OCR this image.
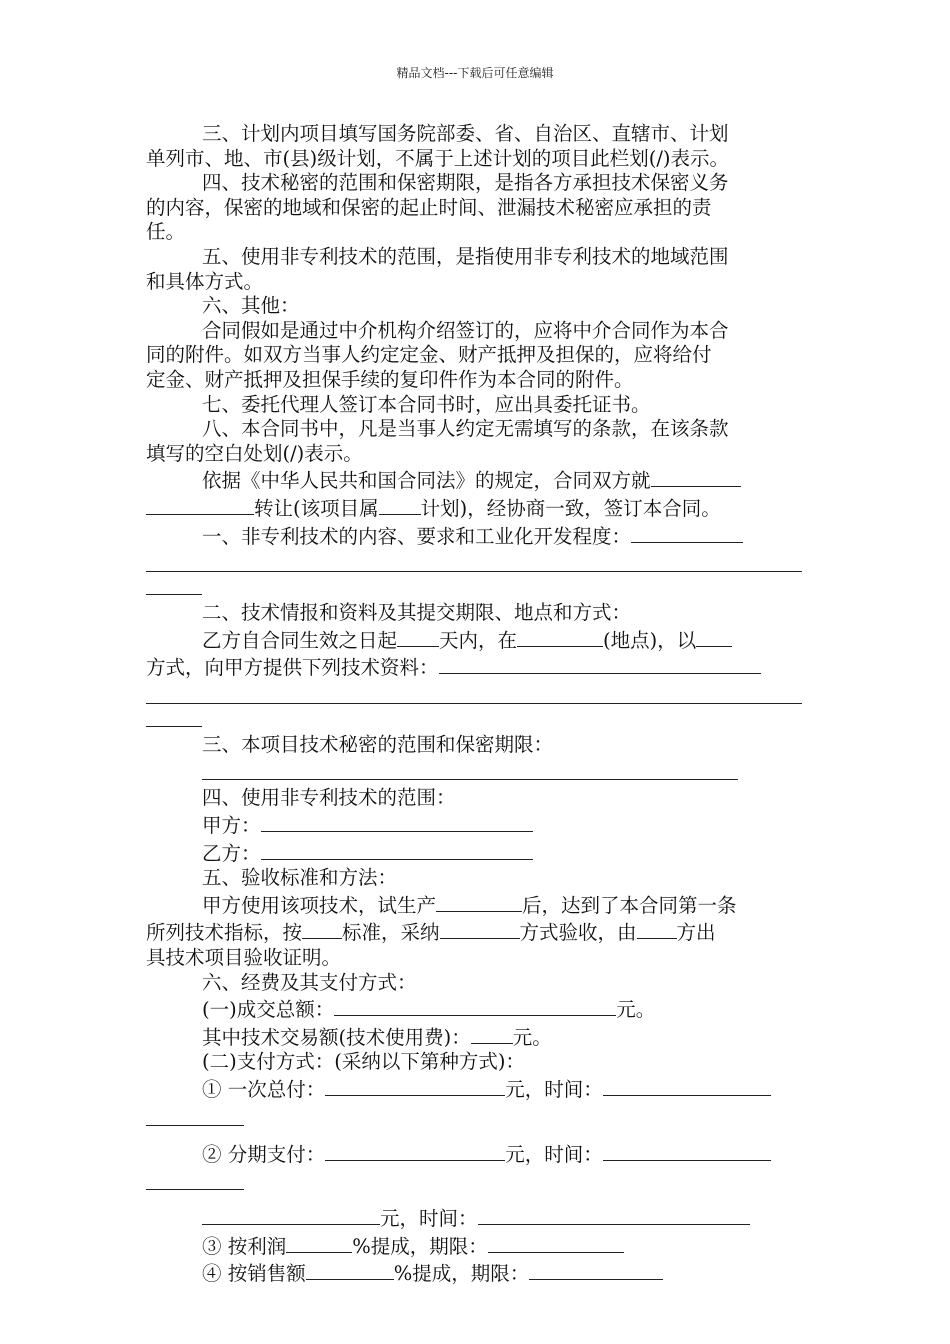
精品文档---下载后可任意编辑

三、计划内项目填写国务院部委、省、自治区、直辖市、计划

单列市、地、市(县)级计划，不属于上述计划的项目此栏划(/)表示。

四、技术秘密的范围和保密期限，是指各方承担技术保密义务

的内容，保密的地域和保密的起止时间、泄漏技术秘密应承担的责

任。

五、使用非专利技术的范围，是指使用非专利技术的地域范围

和具体方式。

六、其他：

合同假如是通过中介机构介绍签订的，应将中介合同作为本合

同的附件。如双方当事人约定定金、财产抵押及担保的，应将给付

定金、财产抵押及担保手续的复印件作为本合同的附件。

七、委托代理人签订本合同书时，应出具委托证书。

八、本合同书中，凡是当事人约定无需填写的条款，在该条款

填写的空白处划(/)表示。

依据《中华人民共和国合同法》的规定，合同双方就

转让(该项目属 计划)，经协商一致，签订本合同。

一、非专利技术的内容、要求和工业化开发程度：

二、技术情报和资料及其提交期限、地点和方式：

乙方自合同生效之日起 天内，在	(地点)，以

方式，向甲方提供下列技术资料：

三、本项目技术秘密的范围和保密期限：

四、使用非专利技术的范围：

甲方：

乙方：

五、验收标准和方法：

甲方使用该项技术，试生产	后，达到了本合同第一条

所列技术指标，按 标准，采纳	方式验收，由 方出

具技术项目验收证明。

六、经费及其支付方式：

(一)成交总额：	元。

其中技术交易额(技术使用费)： 元。

(二)支付方式：(采纳以下第种方式)：

① 一次总付：	元，时间：

② 分期支付：	元，时间：

元，时间：

③ 按利润	%提成，期限：

④ 按销售额	%提成，期限：
